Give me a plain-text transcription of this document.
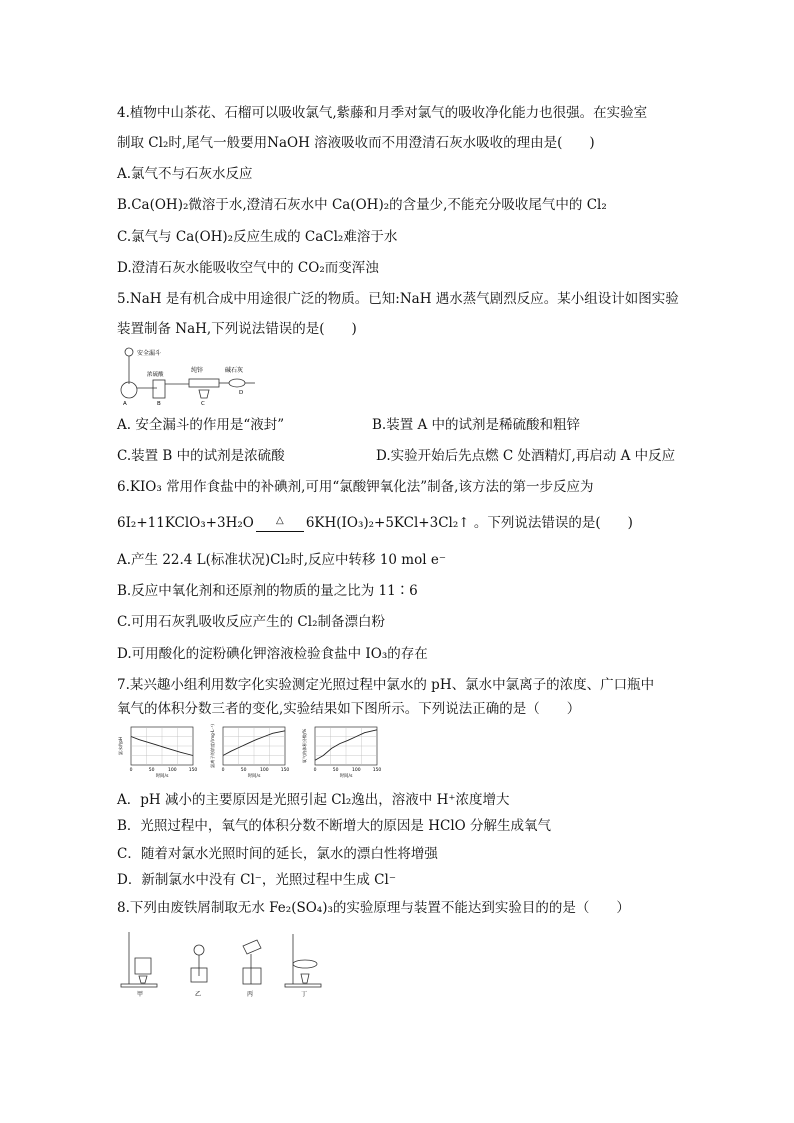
4.植物中山茶花、石榴可以吸收氯气,紫藤和月季对氯气的吸收净化能力也很强。在实验室
制取 Cl₂时,尾气一般要用NaOH 溶液吸收而不用澄清石灰水吸收的理由是(　　)
A.氯气不与石灰水反应
B.Ca(OH)₂微溶于水,澄清石灰水中 Ca(OH)₂的含量少,不能充分吸收尾气中的 Cl₂
C.氯气与 Ca(OH)₂反应生成的 CaCl₂难溶于水
D.澄清石灰水能吸收空气中的 CO₂而变浑浊
5.NaH 是有机合成中用途很广泛的物质。已知:NaH 遇水蒸气剧烈反应。某小组设计如图实验
装置制备 NaH,下列说法错误的是(　　)
安全漏斗
浓硫酸
纯锌	碱石灰
A	B	C
D
A. 安全漏斗的作用是“液封”	B.装置 A 中的试剂是稀硫酸和粗锌
C.装置 B 中的试剂是浓硫酸	D.实验开始后先点燃 C 处酒精灯,再启动 A 中反应
6.KIO₃ 常用作食盐中的补碘剂,可用“氯酸钾氧化法”制备,该方法的第一步反应为
6I₂+11KClO₃+3H₂O	△	6KH(IO₃)₂+5KCl+3Cl₂↑ 。下列说法错误的是(　　)
A.产生 22.4 L(标准状况)Cl₂时,反应中转移 10 mol e⁻
B.反应中氧化剂和还原剂的物质的量之比为 11∶6
C.可用石灰乳吸收反应产生的 Cl₂制备漂白粉
D.可用酸化的淀粉碘化钾溶液检验食盐中 IO₃的存在
7.某兴趣小组利用数字化实验测定光照过程中氯水的 pH、氯水中氯离子的浓度、广口瓶中
氧气的体积分数三者的变化,实验结果如下图所示。下列说法正确的是（　　）
0	50	100	150
时间/s
氯水的pH
0	50	100	150
时间/s
氯离子的浓度/(mg·L⁻¹)
0	50	100	150
时间/s
氧气的体积分数/%
A．pH 减小的主要原因是光照引起 Cl₂逸出，溶液中 H⁺浓度增大
B．光照过程中，氧气的体积分数不断增大的原因是 HClO 分解生成氧气
C．随着对氯水光照时间的延长，氯水的漂白性将增强
D．新制氯水中没有 Cl⁻，光照过程中生成 Cl⁻
8.下列由废铁屑制取无水 Fe₂(SO₄)₃的实验原理与装置不能达到实验目的的是（　　）
甲	乙	丙	丁
